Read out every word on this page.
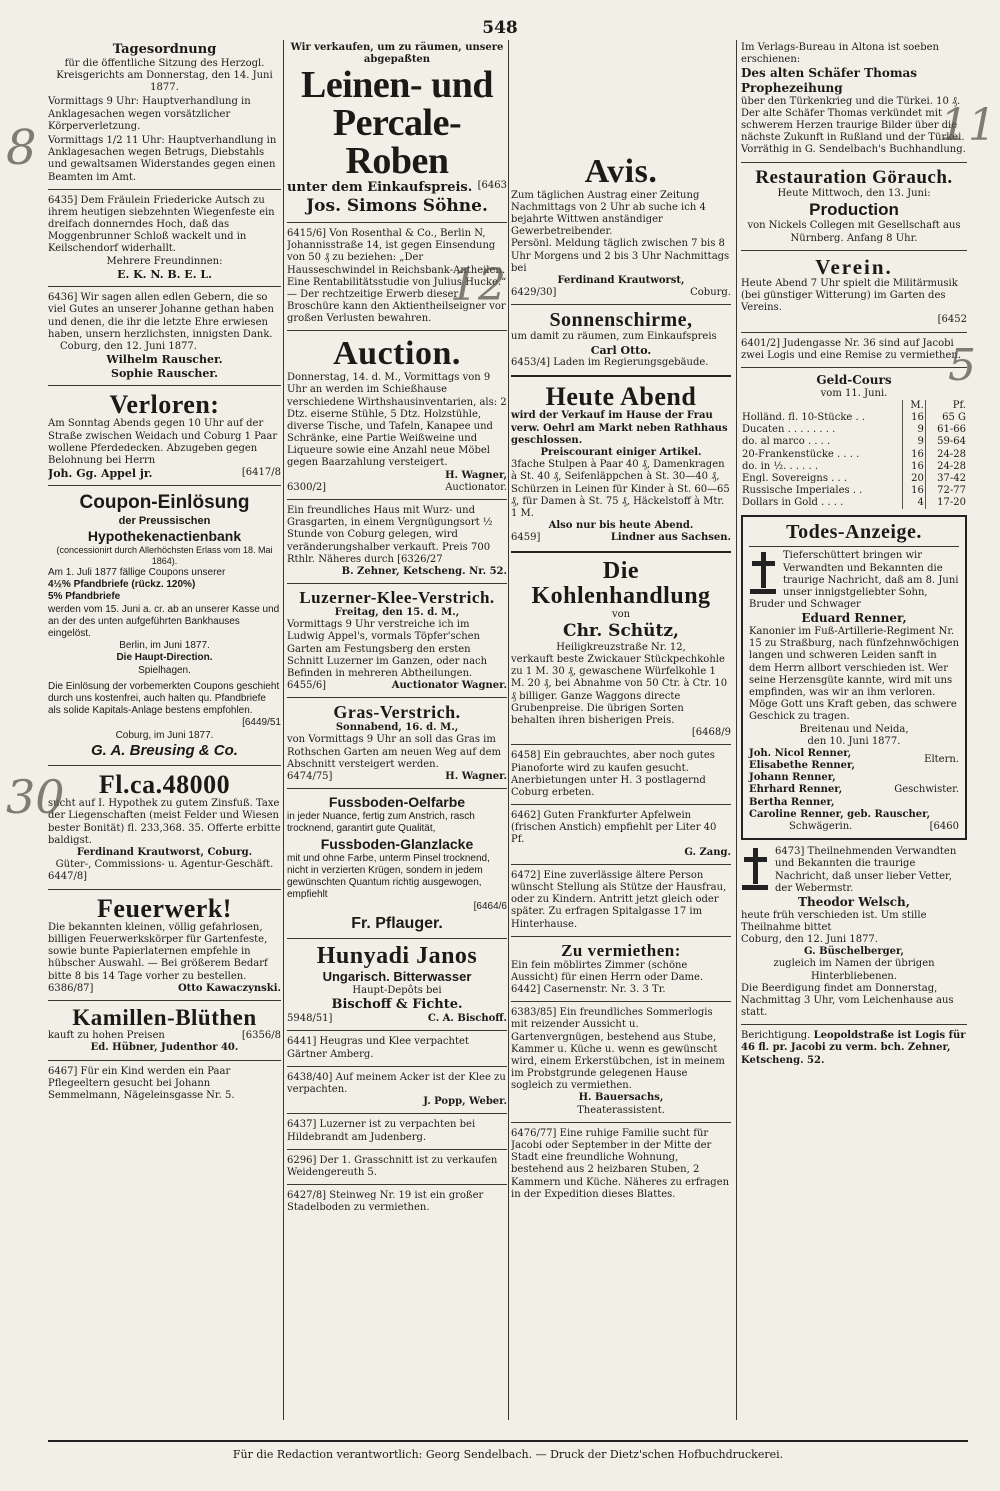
548
Tagesordnung
für die öffentliche Sitzung des Herzogl. Kreisgerichts am Donnerstag, den 14. Juni 1877.
Vormittags 9 Uhr: Hauptverhandlung in Anklagesachen wegen vorsätzlicher Körperverletzung.
Vormittags 1/2 11 Uhr: Hauptverhandlung in Anklagesachen wegen Betrugs, Diebstahls und gewaltsamen Widerstandes gegen einen Beamten im Amt.
6435] Dem Fräulein Friedericke Autsch zu ihrem heutigen siebzehnten Wiegenfeste ein dreifach donnerndes Hoch, daß das Moggenbrunner Schloß wackelt und in Keilschendorf widerhallt.
Mehrere Freundinnen:
E. K. N. B. E. L.
6436] Wir sagen allen edlen Gebern, die so viel Gutes an unserer Johanne gethan haben und denen, die ihr die letzte Ehre erwiesen haben, unsern herzlichsten, innigsten Dank.
Coburg, den 12. Juni 1877.
Wilhelm Rauscher.
Sophie Rauscher.
Verloren:
Am Sonntag Abends gegen 10 Uhr auf der Straße zwischen Weidach und Coburg 1 Paar wollene Pferdedecken. Abzugeben gegen Belohnung bei Herrn
Joh. Gg. Appel jr.	[6417/8
Coupon-Einlösung
der Preussischen
Hypothekenactienbank
(concessionirt durch Allerhöchsten Erlass vom 18. Mai 1864).
Am 1. Juli 1877 fällige Coupons unserer
4½% Pfandbriefe (rückz. 120%)
5% Pfandbriefe
werden vom 15. Juni a. cr. ab an unserer Kasse und an der des unten aufgeführten Bankhauses eingelöst.
Berlin, im Juni 1877.
Die Haupt-Direction.
Spielhagen.
Die Einlösung der vorbemerkten Coupons geschieht durch uns kostenfrei, auch halten qu. Pfandbriefe als solide Kapitals-Anlage bestens empfohlen.
[6449/51
Coburg, im Juni 1877.
G. A. Breusing & Co.
Fl.ca.48000
sucht auf I. Hypothek zu gutem Zinsfuß. Taxe der Liegenschaften (meist Felder und Wiesen bester Bonität) fl. 233,368. 35. Offerte erbitte baldigst.
Ferdinand Krautworst, Coburg.
Güter-, Commissions- u. Agentur-Geschäft.
6447/8]
Feuerwerk!
Die bekannten kleinen, völlig gefahrlosen, billigen Feuerwerkskörper für Gartenfeste, sowie bunte Papierlaternen empfehle in hübscher Auswahl. — Bei größerem Bedarf bitte 8 bis 14 Tage vorher zu bestellen.
6386/87]	Otto Kawaczynski.
Kamillen-Blüthen
kauft zu hohen Preisen	[6356/8
Ed. Hübner, Judenthor 40.
6467] Für ein Kind werden ein Paar Pflegeeltern gesucht bei Johann Semmelmann, Nägeleinsgasse Nr. 5.
Wir verkaufen, um zu räumen, unsere abgepaßten
Leinen- und Percale-Roben
unter dem Einkaufspreis. [6463
Jos. Simons Söhne.
6415/6] Von Rosenthal & Co., Berlin N, Johannisstraße 14, ist gegen Einsendung von 50 ₰ zu beziehen: „Der Hausseschwindel in Reichsbank-Antheilen. Eine Rentabilitätsstudie von Julius Hucke.“ — Der rechtzeitige Erwerb dieser Broschüre kann den Aktientheilseigner vor großen Verlusten bewahren.
Auction.
Donnerstag, 14. d. M., Vormittags von 9 Uhr an werden im Schießhause verschiedene Wirthshausinventarien, als: 2 Dtz. eiserne Stühle, 5 Dtz. Holzstühle, diverse Tische, und Tafeln, Kanapee und Schränke, eine Partie Weißweine und Liqueure sowie eine Anzahl neue Möbel gegen Baarzahlung versteigert.
H. Wagner,
6300/2]	Auctionator.
Ein freundliches Haus mit Wurz- und Grasgarten, in einem Vergnügungsort ½ Stunde von Coburg gelegen, wird veränderungshalber verkauft. Preis 700 Rthlr. Näheres durch [6326/27
B. Zehner, Ketscheng. Nr. 52.
Luzerner-Klee-Verstrich.
Freitag, den 15. d. M.,
Vormittags 9 Uhr verstreiche ich im Ludwig Appel's, vormals Töpfer'schen Garten am Festungsberg den ersten Schnitt Luzerner im Ganzen, oder nach Befinden in mehreren Abtheilungen.
6455/6]	Auctionator Wagner.
Gras-Verstrich.
Sonnabend, 16. d. M.,
von Vormittags 9 Uhr an soll das Gras im Rothschen Garten am neuen Weg auf dem Abschnitt versteigert werden.
6474/75]	H. Wagner.
Fussboden-Oelfarbe
in jeder Nuance, fertig zum Anstrich, rasch trocknend, garantirt gute Qualität,
Fussboden-Glanzlacke
mit und ohne Farbe, unterm Pinsel trocknend, nicht in verzierten Krügen, sondern in jedem gewünschten Quantum richtig ausgewogen, empfiehlt
[6464/6
Fr. Pflauger.
Hunyadi Janos
Ungarisch. Bitterwasser
Haupt-Depôts bei
Bischoff & Fichte.
5948/51]	C. A. Bischoff.
6441] Heugras und Klee verpachtet Gärtner Amberg.
6438/40] Auf meinem Acker ist der Klee zu verpachten.
J. Popp, Weber.
6437] Luzerner ist zu verpachten bei Hildebrandt am Judenberg.
6296] Der 1. Grasschnitt ist zu verkaufen Weidengereuth 5.
6427/8] Steinweg Nr. 19 ist ein großer Stadelboden zu vermiethen.
Avis.
Zum täglichen Austrag einer Zeitung Nachmittags von 2 Uhr ab suche ich 4 bejahrte Wittwen anständiger Gewerbetreibender.
Persönl. Meldung täglich zwischen 7 bis 8 Uhr Morgens und 2 bis 3 Uhr Nachmittags bei
Ferdinand Krautworst,
6429/30]	Coburg.
Sonnenschirme,
um damit zu räumen, zum Einkaufspreis
Carl Otto.
6453/4] Laden im Regierungsgebäude.
Heute Abend
wird der Verkauf im Hause der Frau verw. Oehrl am Markt neben Rathhaus geschlossen.
Preiscourant einiger Artikel.
3fache Stulpen à Paar 40 ₰, Damenkragen à St. 40 ₰, Seifenläppchen à St. 30—40 ₰, Schürzen in Leinen für Kinder à St. 60—65 ₰, für Damen à St. 75 ₰, Häckelstoff à Mtr. 1 M.
Also nur bis heute Abend.
6459]	Lindner aus Sachsen.
Die Kohlenhandlung
von
Chr. Schütz,
Heiligkreuzstraße Nr. 12,
verkauft beste Zwickauer Stückpechkohle zu 1 M. 30 ₰, gewaschene Würfelkohle 1 M. 20 ₰, bei Abnahme von 50 Ctr. à Ctr. 10 ₰ billiger. Ganze Waggons directe Grubenpreise. Die übrigen Sorten behalten ihren bisherigen Preis.
[6468/9
6458] Ein gebrauchtes, aber noch gutes Pianoforte wird zu kaufen gesucht. Anerbietungen unter H. 3 postlagernd Coburg erbeten.
6462] Guten Frankfurter Apfelwein (frischen Anstich) empfiehlt per Liter 40 Pf.
G. Zang.
6472] Eine zuverlässige ältere Person wünscht Stellung als Stütze der Hausfrau, oder zu Kindern. Antritt jetzt gleich oder später. Zu erfragen Spitalgasse 17 im Hinterhause.
Zu vermiethen:
Ein fein möblirtes Zimmer (schöne Aussicht) für einen Herrn oder Dame.
6442] Casernenstr. Nr. 3. 3 Tr.
6383/85] Ein freundliches Sommerlogis mit reizender Aussicht u. Gartenvergnügen, bestehend aus Stube, Kammer u. Küche u. wenn es gewünscht wird, einem Erkerstübchen, ist in meinem im Probstgrunde gelegenen Hause sogleich zu vermiethen.
H. Bauersachs,
Theaterassistent.
6476/77] Eine ruhige Familie sucht für Jacobi oder September in der Mitte der Stadt eine freundliche Wohnung, bestehend aus 2 heizbaren Stuben, 2 Kammern und Küche. Näheres zu erfragen in der Expedition dieses Blattes.
Im Verlags-Bureau in Altona ist soeben erschienen:
Des alten Schäfer Thomas Prophezeihung
über den Türkenkrieg und die Türkei. 10 ₰.
Der alte Schäfer Thomas verkündet mit schwerem Herzen traurige Bilder über die nächste Zukunft in Rußland und der Türkei.
Vorräthig in G. Sendelbach's Buchhandlung.
Restauration Görauch.
Heute Mittwoch, den 13. Juni:
Production
von Nickels Collegen mit Gesellschaft aus Nürnberg. Anfang 8 Uhr.
Verein.
Heute Abend 7 Uhr spielt die Militärmusik (bei günstiger Witterung) im Garten des Vereins.
[6452
6401/2] Judengasse Nr. 36 sind auf Jacobi zwei Logis und eine Remise zu vermiethen.
Geld-Cours
vom 11. Juni.
	M.	Pf.
Holländ. fl. 10-Stücke . .	16	65 G
Ducaten . . . . . . . .	9	61-66
do. al marco . . . .	9	59-64
20-Frankenstücke . . . .	16	24-28
do. in ½. . . . . .	16	24-28
Engl. Sovereigns . . .	20	37-42
Russische Imperiales . .	16	72-77
Dollars in Gold . . . .	4	17-20
Todes-Anzeige.
Tieferschüttert bringen wir Verwandten und Bekannten die traurige Nachricht, daß am 8. Juni unser innigstgeliebter Sohn, Bruder und Schwager
Eduard Renner,
Kanonier im Fuß-Artillerie-Regiment Nr. 15 zu Straßburg, nach fünfzehnwöchigen langen und schweren Leiden sanft in dem Herrn allbort verschieden ist. Wer seine Herzensgüte kannte, wird mit uns empfinden, was wir an ihm verloren. Möge Gott uns Kraft geben, das schwere Geschick zu tragen.
Breitenau und Neida,
den 10. Juni 1877.
Joh. Nicol Renner,
Elisabethe Renner,
Eltern.
Johann Renner,
Ehrhard Renner,
Bertha Renner,
Geschwister.
Caroline Renner, geb. Rauscher,
Schwägerin.	[6460
6473] Theilnehmenden Verwandten und Bekannten die traurige Nachricht, daß unser lieber Vetter, der Webermstr.
Theodor Welsch,
heute früh verschieden ist. Um stille Theilnahme bittet
Coburg, den 12. Juni 1877.
G. Büschelberger,
zugleich im Namen der übrigen Hinterbliebenen.
Die Beerdigung findet am Donnerstag, Nachmittag 3 Uhr, vom Leichenhause aus statt.
Berichtigung. Leopoldstraße ist Logis für 46 fl. pr. Jacobi zu verm. bch. Zehner, Ketscheng. 52.
8	11
12
30
5
Für die Redaction verantwortlich: Georg Sendelbach. — Druck der Dietz'schen Hofbuchdruckerei.
